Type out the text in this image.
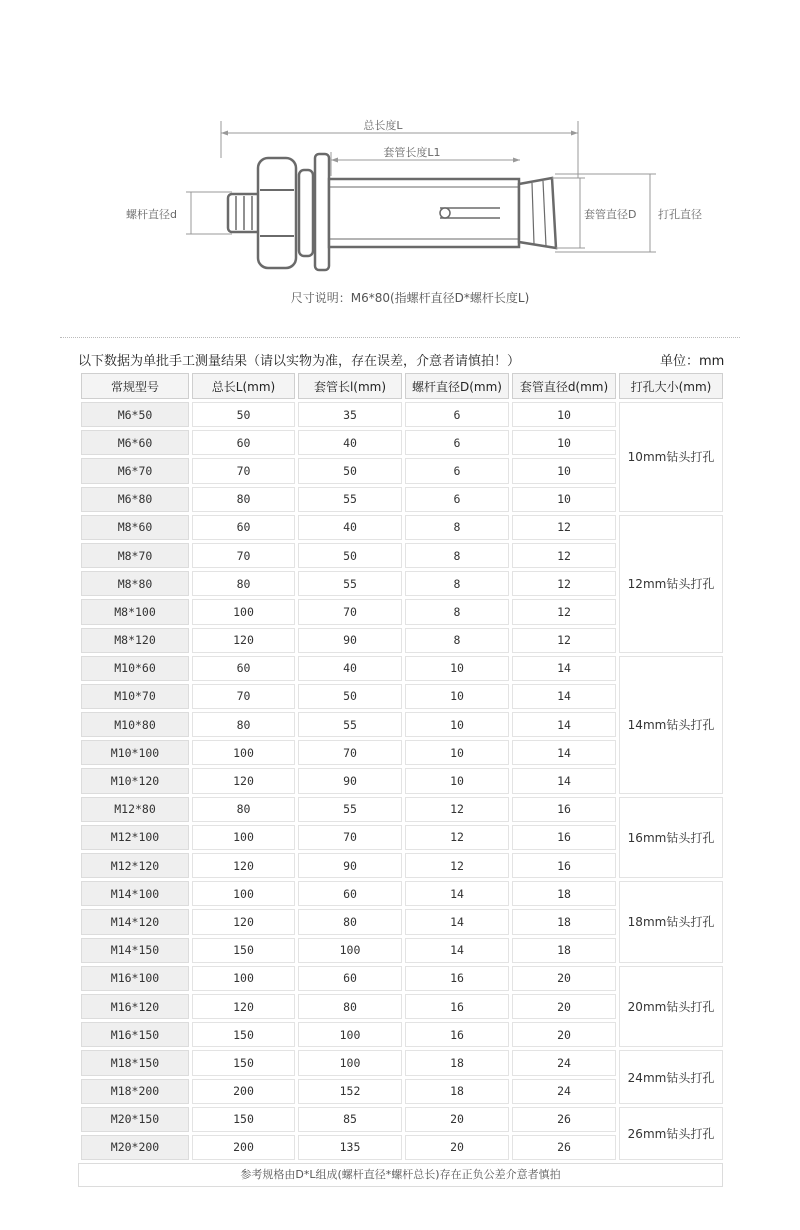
总长度L
套管长度L1
螺杆直径d	套管直径D 打孔直径
尺寸说明：M6*80(指螺杆直径D*螺杆长度L)
以下数据为单批手工测量结果（请以实物为准，存在误差，介意者请慎拍！）	单位：mm
常规型号	总长L(mm)	套管长l(mm)	螺杆直径D(mm)	套管直径d(mm)	打孔大小(mm)
M6*50	50	35	6	10	10mm钻头打孔
M6*60	60	40	6	10	
M6*70	70	50	6	10	
M6*80	80	55	6	10	
M8*60	60	40	8	12	12mm钻头打孔
M8*70	70	50	8	12	
M8*80	80	55	8	12	
M8*100	100	70	8	12	
M8*120	120	90	8	12	
M10*60	60	40	10	14	14mm钻头打孔
M10*70	70	50	10	14	
M10*80	80	55	10	14	
M10*100	100	70	10	14	
M10*120	120	90	10	14	
M12*80	80	55	12	16	16mm钻头打孔
M12*100	100	70	12	16	
M12*120	120	90	12	16	
M14*100	100	60	14	18	18mm钻头打孔
M14*120	120	80	14	18	
M14*150	150	100	14	18	
M16*100	100	60	16	20	20mm钻头打孔
M16*120	120	80	16	20	
M16*150	150	100	16	20	
M18*150	150	100	18	24	24mm钻头打孔
M18*200	200	152	18	24	
M20*150	150	85	20	26	26mm钻头打孔
M20*200	200	135	20	26	
参考规格由D*L组成(螺杆直径*螺杆总长)存在正负公差介意者慎拍
